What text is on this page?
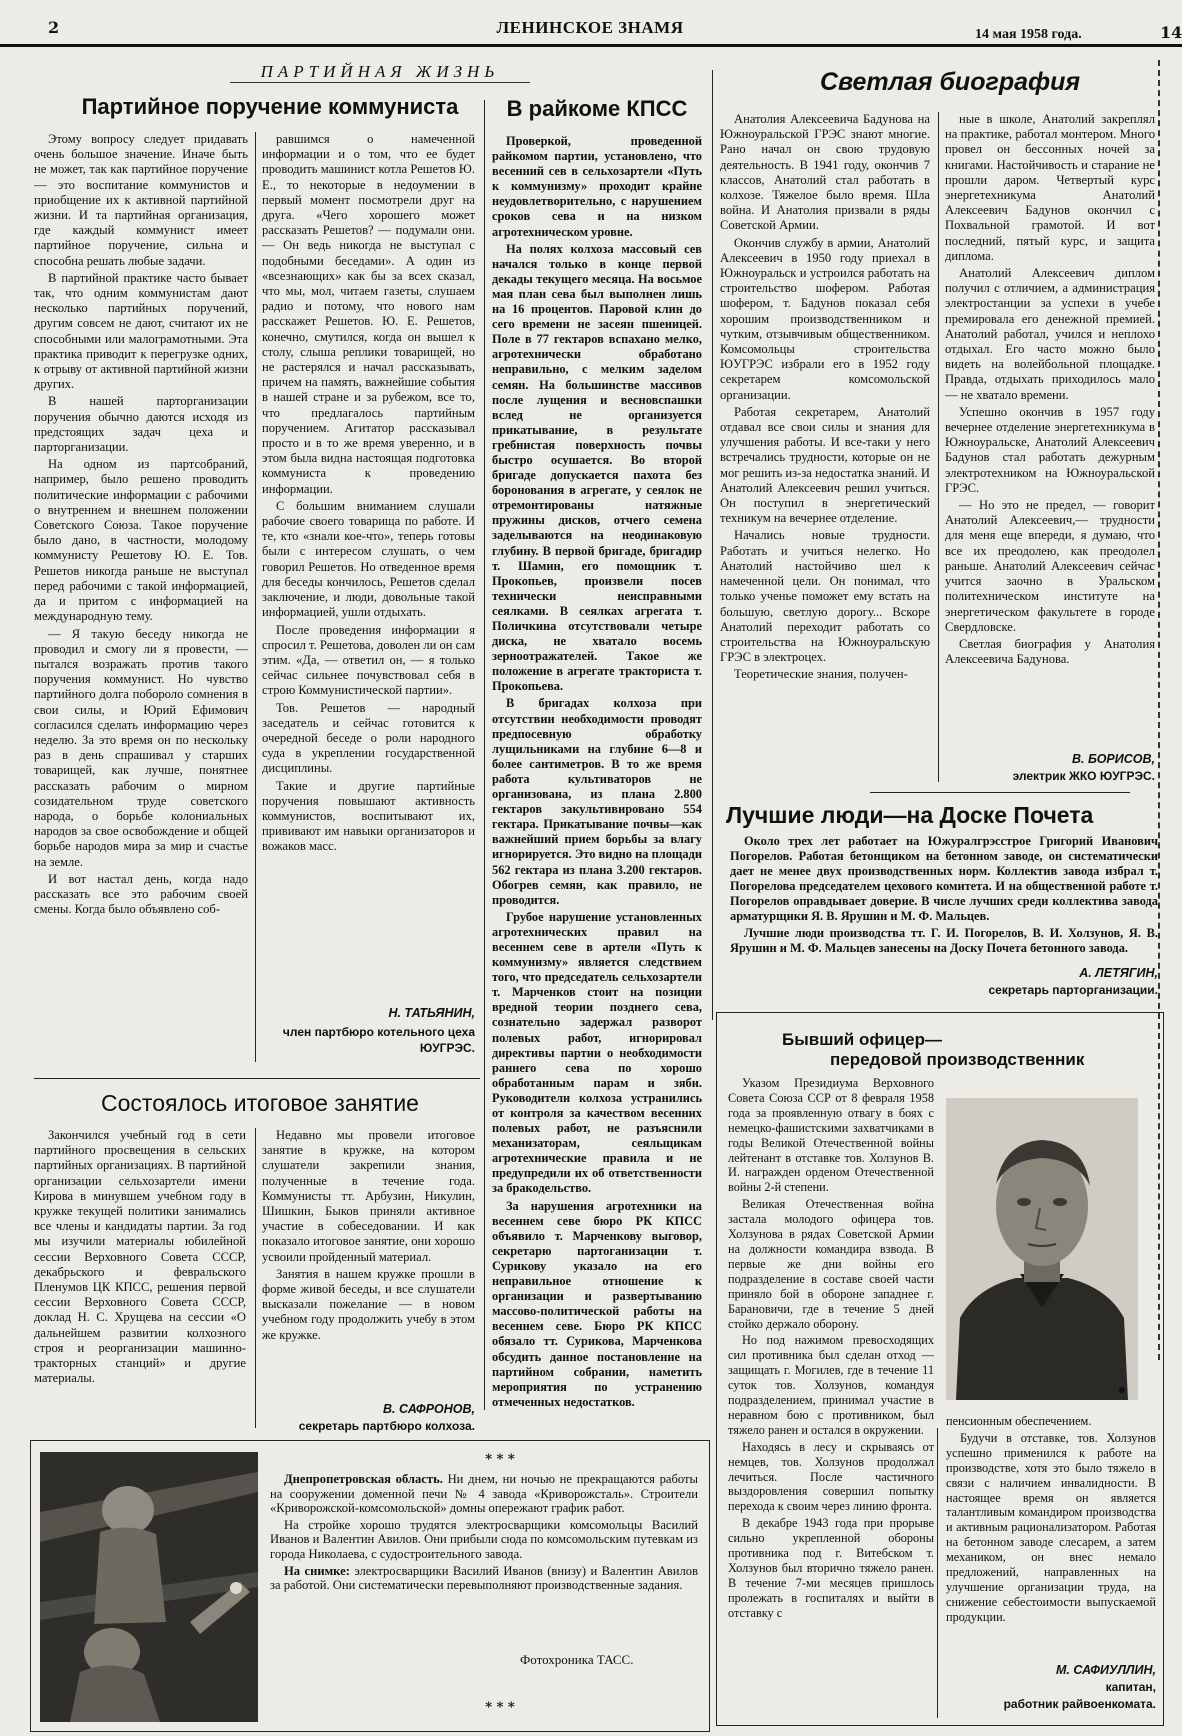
2	ЛЕНИНСКОЕ ЗНАМЯ	14 мая 1958 года.	14
ПАРТИЙНАЯ ЖИЗНЬ
Партийное поручение коммуниста

Этому вопросу следует придавать очень большое значение. Иначе быть не может, так как партийное поручение — это воспитание коммунистов и приобщение их к активной партийной жизни. И та партийная организация, где каждый коммунист имеет партийное поручение, сильна и способна решать любые задачи.

В партийной практике часто бывает так, что одним коммунистам дают несколько партийных поручений, другим совсем не дают, считают их не способными или малограмотными. Эта практика приводит к перегрузке одних, к отрыву от активной партийной жизни других.

В нашей парторганизации поручения обычно даются исходя из предстоящих задач цеха и парторганизации.

На одном из партсобраний, например, было решено проводить политические информации с рабочими о внутреннем и внешнем положении Советского Союза. Такое поручение было дано, в частности, молодому коммунисту Решетову Ю. Е. Тов. Решетов никогда раньше не выступал перед рабочими с такой информацией, да и притом с информацией на международную тему.

— Я такую беседу никогда не проводил и смогу ли я провести, — пытался возражать против такого поручения коммунист. Но чувство партийного долга побороло сомнения в свои силы, и Юрий Ефимович согласился сделать информацию через неделю. За это время он по нескольку раз в день спрашивал у старших товарищей, как лучше, понятнее рассказать рабочим о мирном созидательном труде советского народа, о борьбе колониальных народов за свое освобождение и общей борьбе народов мира за мир и счастье на земле.

И вот настал день, когда надо рассказать все это рабочим своей смены. Когда было объявлено соб-

равшимся о намеченной информации и о том, что ее будет проводить машинист котла Решетов Ю. Е., то некоторые в недоумении в первый момент посмотрели друг на друга. «Чего хорошего может рассказать Решетов? — подумали они. — Он ведь никогда не выступал с подобными беседами». А один из «всезнающих» как бы за всех сказал, что мы, мол, читаем газеты, слушаем радио и потому, что нового нам расскажет Решетов. Ю. Е. Решетов, конечно, смутился, когда он вышел к столу, слыша реплики товарищей, но не растерялся и начал рассказывать, причем на память, важнейшие события в нашей стране и за рубежом, все то, что предлагалось партийным поручением. Агитатор рассказывал просто и в то же время уверенно, и в этом была видна настоящая подготовка коммуниста к проведению информации.

С большим вниманием слушали рабочие своего товарища по работе. И те, кто «знали кое-что», теперь готовы были с интересом слушать, о чем говорил Решетов. Но отведенное время для беседы кончилось, Решетов сделал заключение, и люди, довольные такой информацией, ушли отдыхать.

После проведения информации я спросил т. Решетова, доволен ли он сам этим. «Да, — ответил он, — я только сейчас сильнее почувствовал себя в строю Коммунистической партии».

Тов. Решетов — народный заседатель и сейчас готовится к очередной беседе о роли народного суда в укреплении государственной дисциплины.

Такие и другие партийные поручения повышают активность коммунистов, воспитывают их, прививают им навыки организаторов и вожаков масс.

Н. ТАТЬЯНИН,
член партбюро котельного цеха ЮУГРЭС.
В райкоме КПСС

Проверкой, проведенной райкомом партии, установлено, что весенний сев в сельхозартели «Путь к коммунизму» проходит крайне неудовлетворительно, с нарушением сроков сева и на низком агротехническом уровне.

На полях колхоза массовый сев начался только в конце первой декады текущего месяца. На восьмое мая план сева был выполнен лишь на 16 процентов. Паровой клин до сего времени не засеян пшеницей. Поле в 77 гектаров вспахано мелко, агротехнически обработано неправильно, с мелким заделом семян. На большинстве массивов после лущения и весновспашки вслед не организуется прикатывание, в результате гребнистая поверхность почвы быстро осушается. Во второй бригаде допускается пахота без боронования в агрегате, у сеялок не отремонтированы натяжные пружины дисков, отчего семена заделываются на неодинаковую глубину. В первой бригаде, бригадир т. Шамин, его помощник т. Прокопьев, произвели посев технически неисправными сеялками. В сеялках агрегата т. Поличкина отсутствовали четыре диска, не хватало восемь зерноотражателей. Такое же положение в агрегате тракториста т. Прокопьева.

В бригадах колхоза при отсутствии необходимости проводят предпосевную обработку лущильниками на глубине 6—8 и более сантиметров. В то же время работа культиваторов не организована, из плана 2.800 гектаров закультивировано 554 гектара. Прикатывание почвы—как важнейший прием борьбы за влагу игнорируется. Это видно на площади 562 гектара из плана 3.200 гектаров. Обогрев семян, как правило, не проводится.

Грубое нарушение установленных агротехнических правил на весеннем севе в артели «Путь к коммунизму» является следствием того, что председатель сельхозартели т. Марченков стоит на позиции вредной теории позднего сева, сознательно задержал разворот полевых работ, игнорировал директивы партии о необходимости раннего сева по хорошо обработанным парам и зяби. Руководители колхоза устранились от контроля за качеством весенних полевых работ, не разъяснили механизаторам, сеяльщикам агротехнические правила и не предупредили их об ответственности за бракодельство.

За нарушения агротехники на весеннем севе бюро РК КПСС объявило т. Марченкову выговор, секретарю партоганизации т. Сурикову указало на его неправильное отношение к организации и развертыванию массово-политической работы на весеннем севе. Бюро РК КПСС обязало тт. Сурикова, Марченкова обсудить данное постановление на партийном собрании, наметить мероприятия по устранению отмеченных недостатков.

Светлая биография

Анатолия Алексеевича Бадунова на Южноуральской ГРЭС знают многие. Рано начал он свою трудовую деятельность. В 1941 году, окончив 7 классов, Анатолий стал работать в колхозе. Тяжелое было время. Шла война. И Анатолия призвали в ряды Советской Армии.

Окончив службу в армии, Анатолий Алексеевич в 1950 году приехал в Южноуральск и устроился работать на строительство шофером. Работая шофером, т. Бадунов показал себя хорошим производственником и чутким, отзывчивым общественником. Комсомольцы строительства ЮУГРЭС избрали его в 1952 году секретарем комсомольской организации.

Работая секретарем, Анатолий отдавал все свои силы и знания для улучшения работы. И все-таки у него встречались трудности, которые он не мог решить из-за недостатка знаний. И Анатолий Алексеевич решил учиться. Он поступил в энергетический техникум на вечернее отделение.

Начались новые трудности. Работать и учиться нелегко. Но Анатолий настойчиво шел к намеченной цели. Он понимал, что только ученье поможет ему встать на большую, светлую дорогу... Вскоре Анатолий переходит работать со строительства на Южноуральскую ГРЭС в электроцех.

Теоретические знания, получен-

ные в школе, Анатолий закреплял на практике, работал монтером. Много провел он бессонных ночей за книгами. Настойчивость и старание не прошли даром. Четвертый курс энергетехникума Анатолий Алексеевич Бадунов окончил с Похвальной грамотой. И вот последний, пятый курс, и защита диплома.

Анатолий Алексеевич диплом получил с отличием, а администрация электростанции за успехи в учебе премировала его денежной премией. Анатолий работал, учился и неплохо отдыхал. Его часто можно было видеть на волейбольной площадке. Правда, отдыхать приходилось мало — не хватало времени.

Успешно окончив в 1957 году вечернее отделение энергетехникума в Южноуральске, Анатолий Алексеевич Бадунов стал работать дежурным электротехником на Южноуральской ГРЭС.

— Но это не предел, — говорит Анатолий Алексеевич,— трудности для меня еще впереди, я думаю, что все их преодолею, как преодолел раньше. Анатолий Алексеевич сейчас учится заочно в Уральском политехническом институте на энергетическом факультете в городе Свердловске.

Светлая биография у Анатолия Алексеевича Бадунова.

В. БОРИСОВ,
электрик ЖКО ЮУГРЭС.
Лучшие люди—на Доске Почета

Около трех лет работает на Южуралгрэсстрое Григорий Иванович Погорелов. Работая бетонщиком на бетонном заводе, он систематически дает не менее двух производственных норм. Коллектив завода избрал т. Погорелова председателем цехового комитета. И на общественной работе т. Погорелов оправдывает доверие. В числе лучших среди коллектива завода арматурщики Я. В. Ярушин и М. Ф. Мальцев.

Лучшие люди производства тт. Г. И. Погорелов, В. И. Холзунов, Я. В. Ярушин и М. Ф. Мальцев занесены на Доску Почета бетонного завода.

А. ЛЕТЯГИН,
секретарь парторганизации.
Бывший офицер—
передовой производственник

Указом Президиума Верховного Совета Союза ССР от 8 февраля 1958 года за проявленную отвагу в боях с немецко-фашистскими захватчиками в годы Великой Отечественной войны лейтенант в отставке тов. Холзунов В. И. награжден орденом Отечественной войны 2-й степени.

Великая Отечественная война застала молодого офицера тов. Холзунова в рядах Советской Армии на должности командира взвода. В первые же дни войны его подразделение в составе своей части приняло бой в обороне западнее г. Барановичи, где в течение 5 дней стойко держало оборону.

Но под нажимом превосходящих сил противника был сделан отход — защищать г. Могилев, где в течение 11 суток тов. Холзунов, командуя подразделением, принимал участие в неравном бою с противником, был тяжело ранен и остался в окружении.

Находясь в лесу и скрываясь от немцев, тов. Холзунов продолжал лечиться. После частичного выздоровления совершил попытку перехода к своим через линию фронта.

В декабре 1943 года при прорыве сильно укрепленной обороны противника под г. Витебском т. Холзунов был вторично тяжело ранен. В течение 7-ми месяцев пришлось пролежать в госпиталях и выйти в отставку с

пенсионным обеспечением.

Будучи в отставке, тов. Холзунов успешно применился к работе на производстве, хотя это было тяжело в связи с наличием инвалидности. В настоящее время он является талантливым командиром производства и активным рационализатором. Работая на бетонном заводе слесарем, а затем механиком, он внес немало предложений, направленных на улучшение организации труда, на снижение себестоимости выпускаемой продукции.

М. САФИУЛЛИН,
капитан,
работник райвоенкомата.
Состоялось итоговое занятие

Закончился учебный год в сети партийного просвещения в сельских партийных организациях. В партийной организации сельхозартели имени Кирова в минувшем учебном году в кружке текущей политики занимались все члены и кандидаты партии. За год мы изучили материалы юбилейной сессии Верховного Совета СССР, декабрьского и февральского Пленумов ЦК КПСС, решения первой сессии Верховного Совета СССР, доклад Н. С. Хрущева на сессии «О дальнейшем развитии колхозного строя и реорганизации машинно-тракторных станций» и другие материалы.

Недавно мы провели итоговое занятие в кружке, на котором слушатели закрепили знания, полученные в течение года. Коммунисты тт. Арбузин, Никулин, Шишкин, Быков приняли активное участие в собеседовании. И как показало итоговое занятие, они хорошо усвоили пройденный материал.

Занятия в нашем кружке прошли в форме живой беседы, и все слушатели высказали пожелание — в новом учебном году продолжить учебу в этом же кружке.

В. САФРОНОВ,
секретарь партбюро колхоза.
* * *

Днепропетровская область. Ни днем, ни ночью не прекращаются работы на сооружении доменной печи № 4 завода «Криворожсталь». Строители «Криворожской-комсомольской» домны опережают график работ.

На стройке хорошо трудятся электросварщики комсомольцы Василий Иванов и Валентин Авилов. Они прибыли сюда по комсомольским путевкам из города Николаева, с судостроительного завода.

На снимке: электросварщики Василий Иванов (внизу) и Валентин Авилов за работой. Они систематически перевыполняют производственные задания.

Фотохроника ТАСС.
* * *
